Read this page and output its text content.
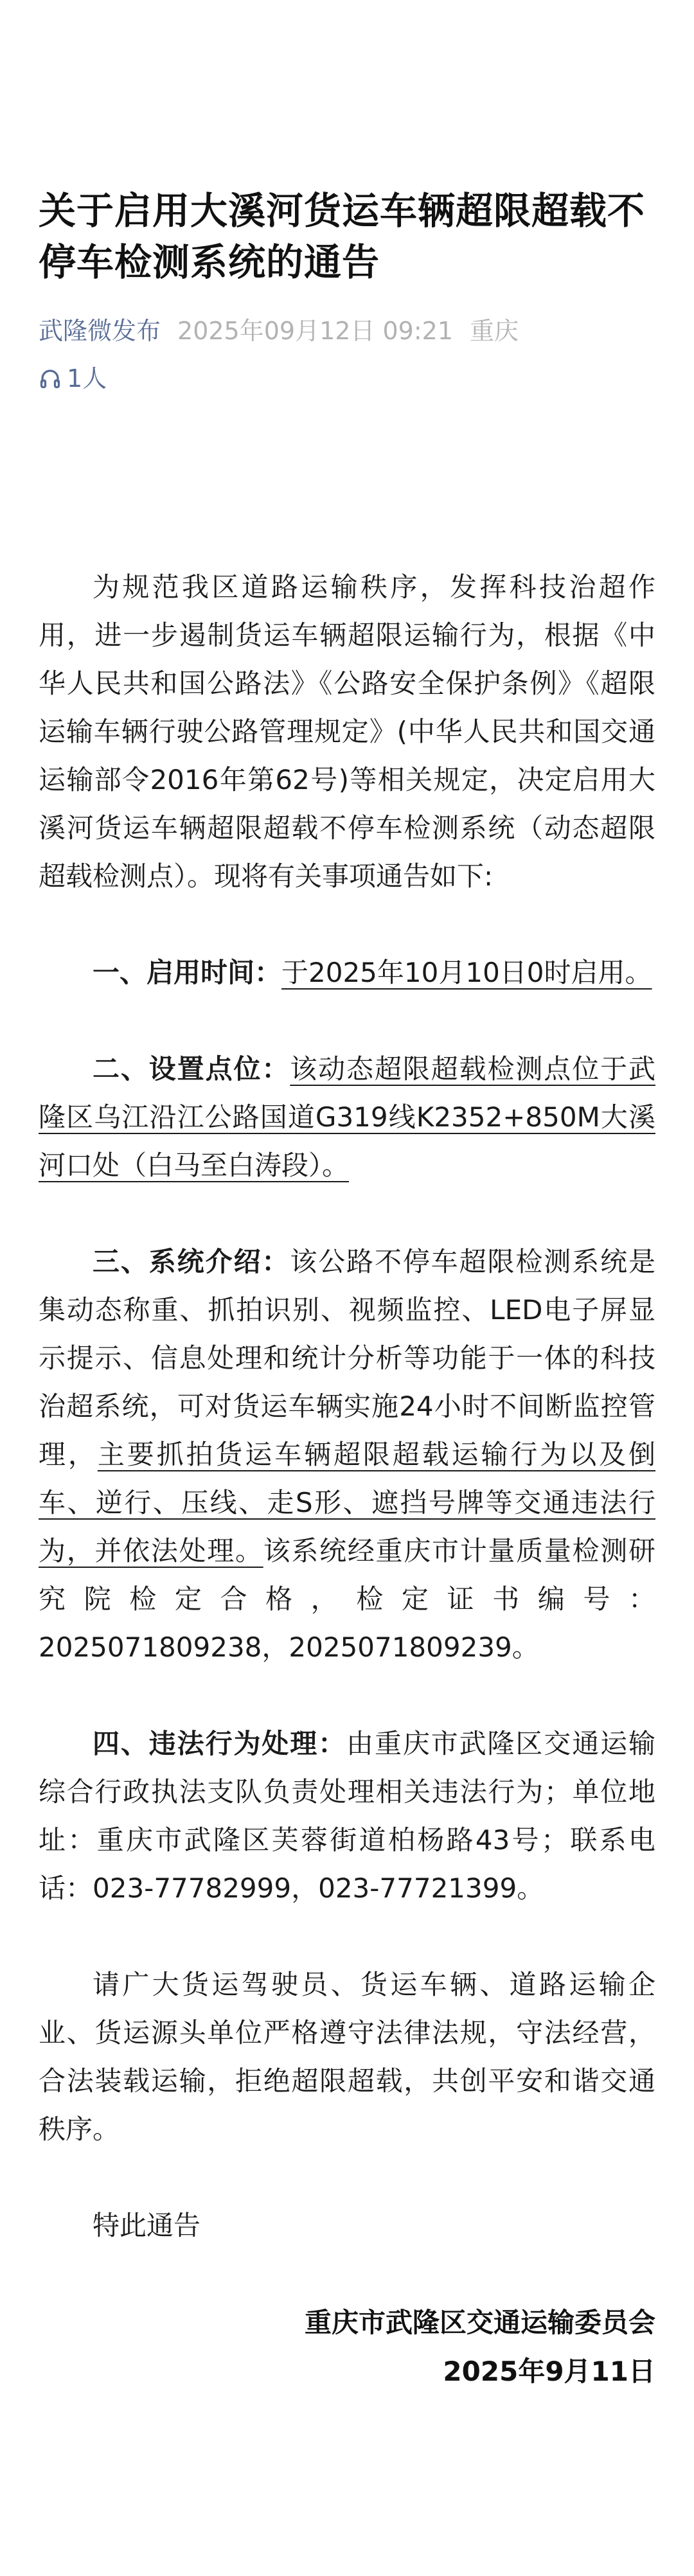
关于启用大溪河货运车辆超限超载不停车检测系统的通告
武隆微发布 2025年09月12日 09:21 重庆
1人

为规范我区道路运输秩序，发挥科技治超作用，进一步遏制货运车辆超限运输行为，根据《中华人民共和国公路法》《公路安全保护条例》《超限运输车辆行驶公路管理规定》(中华人民共和国交通运输部令2016年第62号)等相关规定，决定启用大溪河货运车辆超限超载不停车检测系统（动态超限超载检测点）。现将有关事项通告如下:

一、启用时间：于2025年10月10日0时启用。

二、设置点位：该动态超限超载检测点位于武隆区乌江沿江公路国道G319线K2352+850M大溪河口处（白马至白涛段）。

三、系统介绍：该公路不停车超限检测系统是集动态称重、抓拍识别、视频监控、LED电子屏显示提示、信息处理和统计分析等功能于一体的科技治超系统，可对货运车辆实施24小时不间断监控管理，主要抓拍货运车辆超限超载运输行为以及倒车、逆行、压线、走S形、遮挡号牌等交通违法行为，并依法处理。该系统经重庆市计量质量检测研究院检定合格，检定证书编号：2025071809238，2025071809239。

四、违法行为处理：由重庆市武隆区交通运输综合行政执法支队负责处理相关违法行为；单位地址：重庆市武隆区芙蓉街道柏杨路43号；联系电话：023-77782999，023-77721399。

请广大货运驾驶员、货运车辆、道路运输企业、货运源头单位严格遵守法律法规，守法经营，合法装载运输，拒绝超限超载，共创平安和谐交通秩序。

特此通告

重庆市武隆区交通运输委员会
2025年9月11日
